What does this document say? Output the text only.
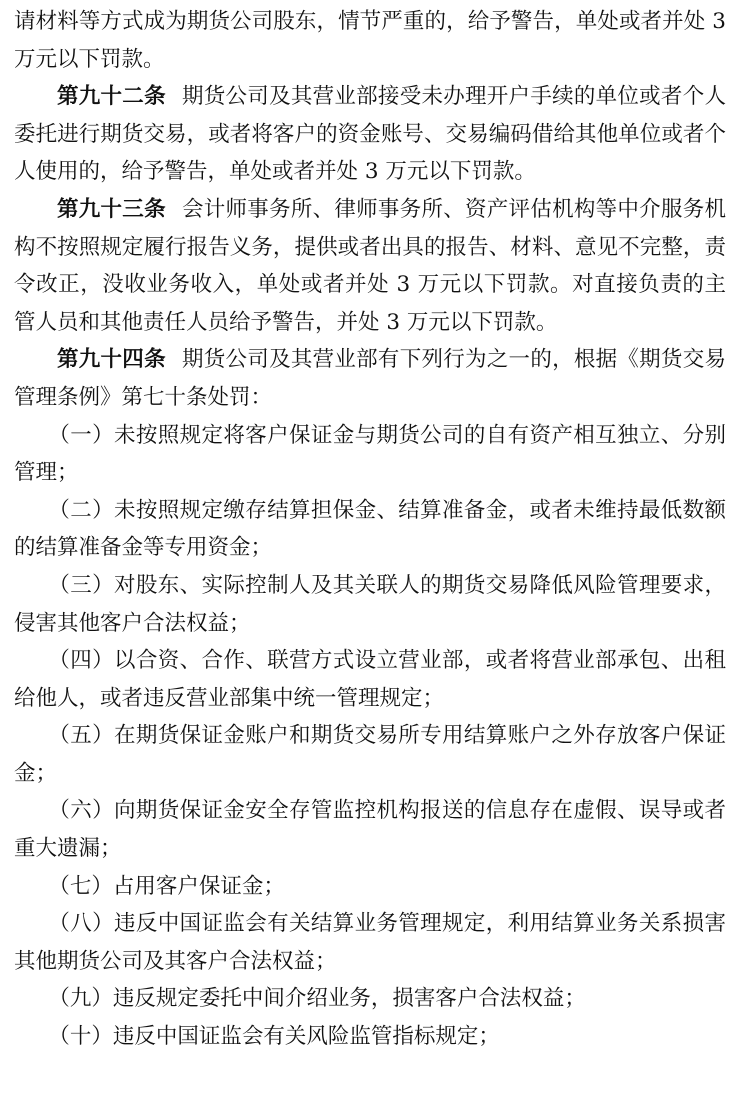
请材料等方式成为期货公司股东，情节严重的，给予警告，单处或者并处 3 万元以下罚款。

第九十二条 期货公司及其营业部接受未办理开户手续的单位或者个人委托进行期货交易，或者将客户的资金账号、交易编码借给其他单位或者个人使用的，给予警告，单处或者并处 3 万元以下罚款。

第九十三条 会计师事务所、律师事务所、资产评估机构等中介服务机构不按照规定履行报告义务，提供或者出具的报告、材料、意见不完整，责令改正，没收业务收入，单处或者并处 3 万元以下罚款。对直接负责的主管人员和其他责任人员给予警告，并处 3 万元以下罚款。

第九十四条 期货公司及其营业部有下列行为之一的，根据《期货交易管理条例》第七十条处罚：

（一）未按照规定将客户保证金与期货公司的自有资产相互独立、分别管理；

（二）未按照规定缴存结算担保金、结算准备金，或者未维持最低数额的结算准备金等专用资金；

（三）对股东、实际控制人及其关联人的期货交易降低风险管理要求，侵害其他客户合法权益；

（四）以合资、合作、联营方式设立营业部，或者将营业部承包、出租给他人，或者违反营业部集中统一管理规定；

（五）在期货保证金账户和期货交易所专用结算账户之外存放客户保证金；

（六）向期货保证金安全存管监控机构报送的信息存在虚假、误导或者重大遗漏；

（七）占用客户保证金；

（八）违反中国证监会有关结算业务管理规定，利用结算业务关系损害其他期货公司及其客户合法权益；

（九）违反规定委托中间介绍业务，损害客户合法权益；

（十）违反中国证监会有关风险监管指标规定；
